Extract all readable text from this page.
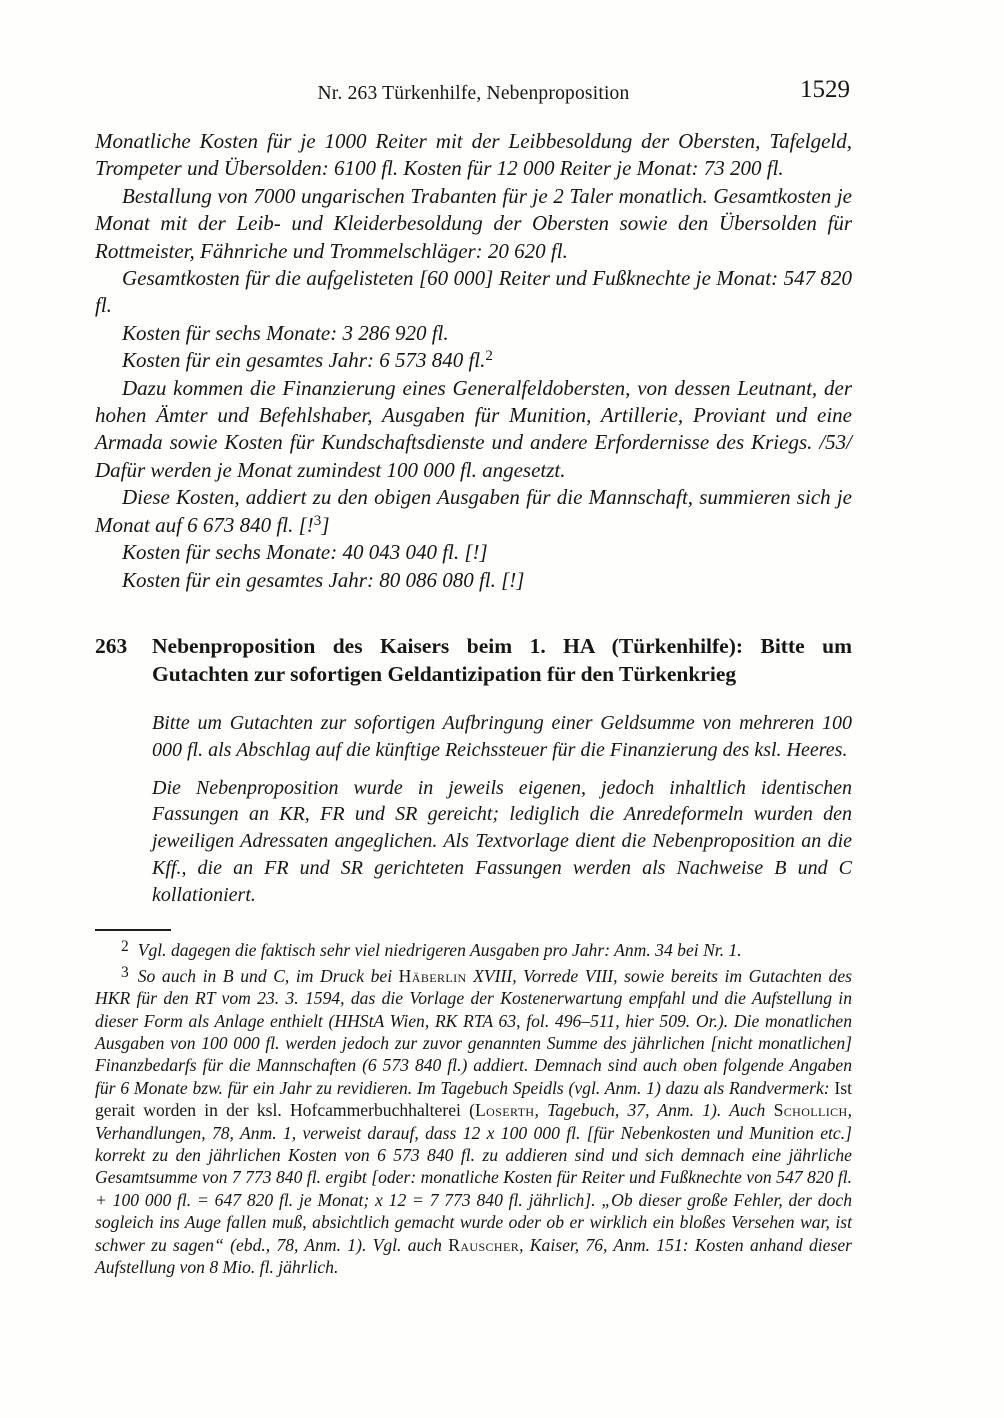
Nr. 263 Türkenhilfe, Nebenproposition	1529

Monatliche Kosten für je 1000 Reiter mit der Leibbesoldung der Obersten, Tafelgeld, Trompeter und Übersolden: 6100 fl. Kosten für 12 000 Reiter je Monat: 73 200 fl.

Bestallung von 7000 ungarischen Trabanten für je 2 Taler monatlich. Gesamtkosten je Monat mit der Leib- und Kleiderbesoldung der Obersten sowie den Übersolden für Rottmeister, Fähnriche und Trommelschläger: 20 620 fl.

Gesamtkosten für die aufgelisteten [60 000] Reiter und Fußknechte je Monat: 547 820 fl.

Kosten für sechs Monate: 3 286 920 fl.

Kosten für ein gesamtes Jahr: 6 573 840 fl.$^2$

Dazu kommen die Finanzierung eines Generalfeldobersten, von dessen Leutnant, der hohen Ämter und Befehlshaber, Ausgaben für Munition, Artillerie, Proviant und eine Armada sowie Kosten für Kundschaftsdienste und andere Erfordernisse des Kriegs. /53/ Dafür werden je Monat zumindest 100 000 fl. angesetzt.

Diese Kosten, addiert zu den obigen Ausgaben für die Mannschaft, summieren sich je Monat auf 6 673 840 fl. [!$^3$]

Kosten für sechs Monate: 40 043 040 fl. [!]

Kosten für ein gesamtes Jahr: 80 086 080 fl. [!]

263	Nebenproposition des Kaisers beim 1. HA (Türkenhilfe): Bitte um Gutachten zur sofortigen Geldantizipation für den Türkenkrieg

Bitte um Gutachten zur sofortigen Aufbringung einer Geldsumme von mehreren 100 000 fl. als Abschlag auf die künftige Reichssteuer für die Finanzierung des ksl. Heeres.

Die Nebenproposition wurde in jeweils eigenen, jedoch inhaltlich identischen Fassungen an KR, FR und SR gereicht; lediglich die Anredeformeln wurden den jeweiligen Adressaten angeglichen. Als Textvorlage dient die Nebenproposition an die Kff., die an FR und SR gerichteten Fassungen werden als Nachweise B und C kollationiert.

2 Vgl. dagegen die faktisch sehr viel niedrigeren Ausgaben pro Jahr: Anm. 34 bei Nr. 1.

3 So auch in B und C, im Druck bei Häberlin XVIII, Vorrede VIII, sowie bereits im Gutachten des HKR für den RT vom 23. 3. 1594, das die Vorlage der Kostenerwartung empfahl und die Aufstellung in dieser Form als Anlage enthielt (HHStA Wien, RK RTA 63, fol. 496–511, hier 509. Or.). Die monatlichen Ausgaben von 100 000 fl. werden jedoch zur zuvor genannten Summe des jährlichen [nicht monatlichen] Finanzbedarfs für die Mannschaften (6 573 840 fl.) addiert. Demnach sind auch oben folgende Angaben für 6 Monate bzw. für ein Jahr zu revidieren. Im Tagebuch Speidls (vgl. Anm. 1) dazu als Randvermerk: Ist gerait worden in der ksl. Hofcammerbuchhalterei (Loserth, Tagebuch, 37, Anm. 1). Auch Schollich, Verhandlungen, 78, Anm. 1, verweist darauf, dass 12 x 100 000 fl. [für Nebenkosten und Munition etc.] korrekt zu den jährlichen Kosten von 6 573 840 fl. zu addieren sind und sich demnach eine jährliche Gesamtsumme von 7 773 840 fl. ergibt [oder: monatliche Kosten für Reiter und Fußknechte von 547 820 fl. + 100 000 fl. = 647 820 fl. je Monat; x 12 = 7 773 840 fl. jährlich]. „Ob dieser große Fehler, der doch sogleich ins Auge fallen muß, absichtlich gemacht wurde oder ob er wirklich ein bloßes Versehen war, ist schwer zu sagen“ (ebd., 78, Anm. 1). Vgl. auch Rauscher, Kaiser, 76, Anm. 151: Kosten anhand dieser Aufstellung von 8 Mio. fl. jährlich.
